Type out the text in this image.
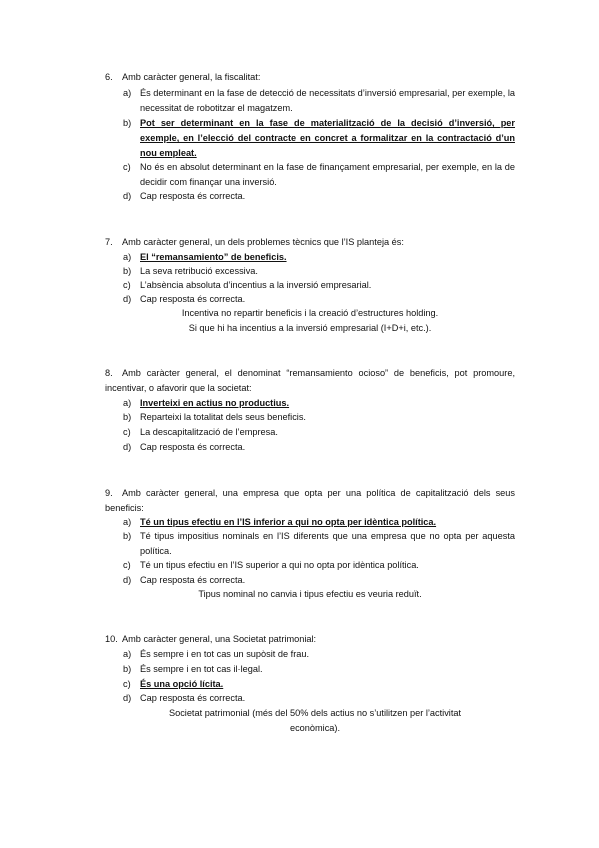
6. Amb caràcter general, la fiscalitat:
a) És determinant en la fase de detecció de necessitats d’inversió empresarial, per exemple, la necessitat de robotitzar el magatzem.
b) Pot ser determinant en la fase de materialització de la decisió d’inversió, per exemple, en l’elecció del contracte en concret a formalitzar en la contractació d’un nou empleat.
c)	No és en absolut determinant en la fase de finançament empresarial, per exemple, en la de decidir com finançar una inversió.
d) Cap resposta és correcta.
7. Amb caràcter general, un dels problemes tècnics que l’IS planteja és:
a) El “remansamiento” de beneficis.
b) La seva retribució excessiva.
c)	L’absència absoluta d’incentius a la inversió empresarial.
d) Cap resposta és correcta.
Incentiva no repartir beneficis i la creació d’estructures holding.
Si que hi ha incentius a la inversió empresarial (I+D+i, etc.).
8. Amb caràcter general, el denominat “remansamiento ocioso” de beneficis, pot promoure, incentivar, o afavorir que la societat:
a) Inverteixi en actius no productius.
b) Reparteixi la totalitat dels seus beneficis.
c)	La descapitalització de l’empresa.
d) Cap resposta és correcta.
9. Amb caràcter general, una empresa que opta per una política de capitalització dels seus beneficis:
a) Té un tipus efectiu en l’IS inferior a qui no opta per idèntica política.
b) Té tipus impositius nominals en l’IS diferents que una empresa que no opta per aquesta política.
c)	Té un tipus efectiu en l’IS superior a qui no opta por idèntica política.
d) Cap resposta és correcta.
Tipus nominal no canvia i tipus efectiu es veuria reduït.
10. Amb caràcter general, una Societat patrimonial:
a) És sempre i en tot cas un supòsit de frau.
b) És sempre i en tot cas il·legal.
c)	És una opció lícita.
d) Cap resposta és correcta.
Societat patrimonial (més del 50% dels actius no s’utilitzen per l’activitat econòmica).
